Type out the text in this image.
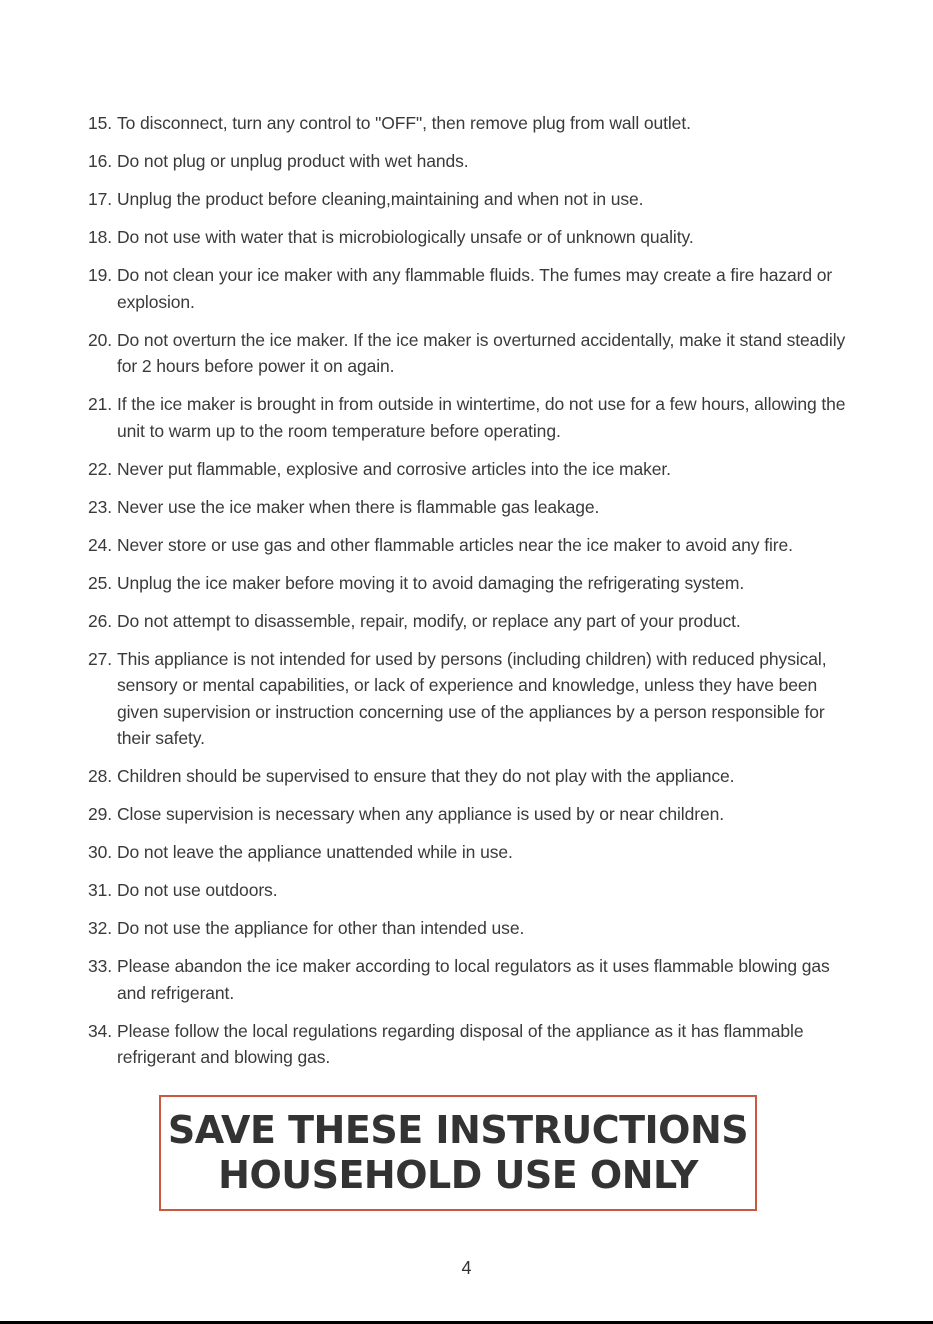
15. To disconnect, turn any control to "OFF", then remove plug from wall outlet.
16. Do not plug or unplug product with wet hands.
17. Unplug the product before cleaning,maintaining and when not in use.
18. Do not use with water that is microbiologically unsafe or of unknown quality.
19. Do not clean your ice maker with any flammable fluids. The fumes may create a fire hazard or explosion.
20. Do not overturn the ice maker. If the ice maker is overturned accidentally, make it stand steadily for 2 hours before power it on again.
21. If the ice maker is brought in from outside in wintertime, do not use for a few hours, allowing the unit to warm up to the room temperature before operating.
22. Never put flammable, explosive and corrosive articles into the ice maker.
23. Never use the ice maker when there is flammable gas leakage.
24. Never store or use gas and other flammable articles near the ice maker to avoid any fire.
25. Unplug the ice maker before moving it to avoid damaging the refrigerating system.
26. Do not attempt to disassemble, repair, modify, or replace any part of your product.
27. This appliance is not intended for used by persons (including children) with reduced physical, sensory or mental capabilities, or lack of experience and knowledge, unless they have been given supervision or instruction concerning use of the appliances by a person responsible for their safety.
28. Children should be supervised to ensure that they do not play with the appliance.
29. Close supervision is necessary when any appliance is used by or near children.
30. Do not leave the appliance unattended while in use.
31. Do not use outdoors.
32. Do not use the appliance for other than intended use.
33. Please abandon the ice maker according to local regulators as it uses flammable blowing gas and refrigerant.
34. Please follow the local regulations regarding disposal of the appliance as it has flammable refrigerant and blowing gas.
SAVE THESE INSTRUCTIONS
HOUSEHOLD USE ONLY
4
